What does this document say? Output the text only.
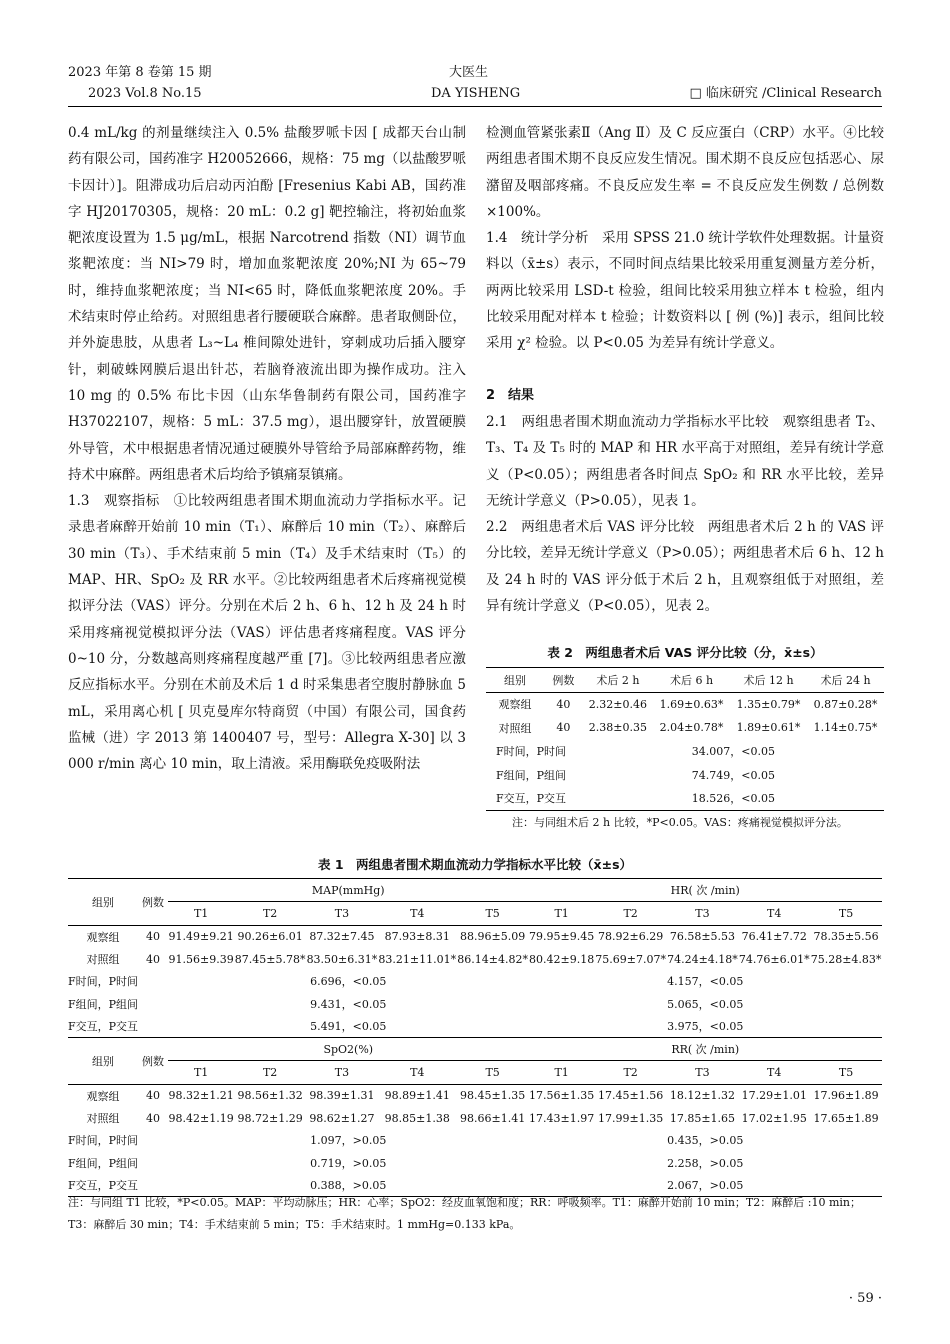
2023 年第 8 卷第 15 期	大医生
2023 Vol.8 No.15	DA YISHENG	□ 临床研究 /Clinical Research

0.4 mL/kg 的剂量继续注入 0.5% 盐酸罗哌卡因 [ 成都天台山制药有限公司，国药准字 H20052666，规格：75 mg（以盐酸罗哌卡因计）]。阻滞成功后启动丙泊酚 [Fresenius Kabi AB，国药准字 HJ20170305，规格：20 mL：0.2 g] 靶控输注，将初始血浆靶浓度设置为 1.5 μg/mL，根据 Narcotrend 指数（NI）调节血浆靶浓度：当 NI>79 时，增加血浆靶浓度 20%;NI 为 65~79 时，维持血浆靶浓度；当 NI<65 时，降低血浆靶浓度 20%。手术结束时停止给药。对照组患者行腰硬联合麻醉。患者取侧卧位，并外旋患肢，从患者 L₃~L₄ 椎间隙处进针，穿刺成功后插入腰穿针，刺破蛛网膜后退出针芯，若脑脊液流出即为操作成功。注入 10 mg 的 0.5% 布比卡因（山东华鲁制药有限公司，国药准字 H37022107，规格：5 mL：37.5 mg），退出腰穿针，放置硬膜外导管，术中根据患者情况通过硬膜外导管给予局部麻醉药物，维持术中麻醉。两组患者术后均给予镇痛泵镇痛。

1.3　观察指标　①比较两组患者围术期血流动力学指标水平。记录患者麻醉开始前 10 min（T₁）、麻醉后 10 min（T₂）、麻醉后 30 min（T₃）、手术结束前 5 min（T₄）及手术结束时（T₅）的 MAP、HR、SpO₂ 及 RR 水平。②比较两组患者术后疼痛视觉模拟评分法（VAS）评分。分别在术后 2 h、6 h、12 h 及 24 h 时采用疼痛视觉模拟评分法（VAS）评估患者疼痛程度。VAS 评分 0~10 分，分数越高则疼痛程度越严重 [7]。③比较两组患者应激反应指标水平。分别在术前及术后 1 d 时采集患者空腹肘静脉血 5 mL，采用离心机 [ 贝克曼库尔特商贸（中国）有限公司，国食药监械（进）字 2013 第 1400407 号，型号：Allegra X-30] 以 3 000 r/min 离心 10 min，取上清液。采用酶联免疫吸附法

检测血管紧张素Ⅱ（Ang Ⅱ）及 C 反应蛋白（CRP）水平。④比较两组患者围术期不良反应发生情况。围术期不良反应包括恶心、尿潴留及咽部疼痛。不良反应发生率 = 不良反应发生例数 / 总例数 ×100%。

1.4　统计学分析　采用 SPSS 21.0 统计学软件处理数据。计量资料以（x̄±s）表示，不同时间点结果比较采用重复测量方差分析，两两比较采用 LSD-t 检验，组间比较采用独立样本 t 检验，组内比较采用配对样本 t 检验；计数资料以 [ 例 (%)] 表示，组间比较采用 χ² 检验。以 P<0.05 为差异有统计学意义。

2　结果

2.1　两组患者围术期血流动力学指标水平比较　观察组患者 T₂、T₃、T₄ 及 T₅ 时的 MAP 和 HR 水平高于对照组，差异有统计学意义（P<0.05）；两组患者各时间点 SpO₂ 和 RR 水平比较，差异无统计学意义（P>0.05），见表 1。

2.2　两组患者术后 VAS 评分比较　两组患者术后 2 h 的 VAS 评分比较，差异无统计学意义（P>0.05）；两组患者术后 6 h、12 h 及 24 h 时的 VAS 评分低于术后 2 h，且观察组低于对照组，差异有统计学意义（P<0.05），见表 2。

表 2　两组患者术后 VAS 评分比较（分，x̄±s）
组别	例数	术后 2 h	术后 6 h	术后 12 h	术后 24 h
观察组	40	2.32±0.46	1.69±0.63*	1.35±0.79*	0.87±0.28*
对照组	40	2.38±0.35	2.04±0.78*	1.89±0.61*	1.14±0.75*
F时间，P时间		34.007，<0.05			
F组间，P组间		74.749，<0.05			
F交互，P交互		18.526，<0.05			
注：与同组术后 2 h 比较，*P<0.05。VAS：疼痛视觉模拟评分法。
表 1　两组患者围术期血流动力学指标水平比较（x̄±s）
组别	例数	MAP(mmHg)					HR( 次 /min)				
		T1	T2	T3	T4	T5	T1	T2	T3	T4	T5
观察组	40	91.49±9.21	90.26±6.01	87.32±7.45	87.93±8.31	88.96±5.09	79.95±9.45	78.92±6.29	76.58±5.53	76.41±7.72	78.35±5.56
对照组	40	91.56±9.39	87.45±5.78*	83.50±6.31*	83.21±11.01*	86.14±4.82*	80.42±9.18	75.69±7.07*	74.24±4.18*	74.76±6.01*	75.28±4.83*
F时间，P时间		6.696，<0.05					4.157，<0.05				
F组间，P组间		9.431，<0.05					5.065，<0.05				
F交互，P交互		5.491，<0.05					3.975，<0.05				
组别	例数	SpO2(%)					RR( 次 /min)				
		T1	T2	T3	T4	T5	T1	T2	T3	T4	T5
观察组	40	98.32±1.21	98.56±1.32	98.39±1.31	98.89±1.41	98.45±1.35	17.56±1.35	17.45±1.56	18.12±1.32	17.29±1.01	17.96±1.89
对照组	40	98.42±1.19	98.72±1.29	98.62±1.27	98.85±1.38	98.66±1.41	17.43±1.97	17.99±1.35	17.85±1.65	17.02±1.95	17.65±1.89
F时间，P时间		1.097，>0.05					0.435，>0.05				
F组间，P组间		0.719，>0.05					2.258，>0.05				
F交互，P交互		0.388，>0.05					2.067，>0.05				
注：与同组 T1 比较，*P<0.05。MAP：平均动脉压；HR：心率；SpO2：经皮血氧饱和度；RR：呼吸频率。T1：麻醉开始前 10 min；T2：麻醉后 :10 min；T3：麻醉后 30 min；T4：手术结束前 5 min；T5：手术结束时。1 mmHg=0.133 kPa。
· 59 ·
